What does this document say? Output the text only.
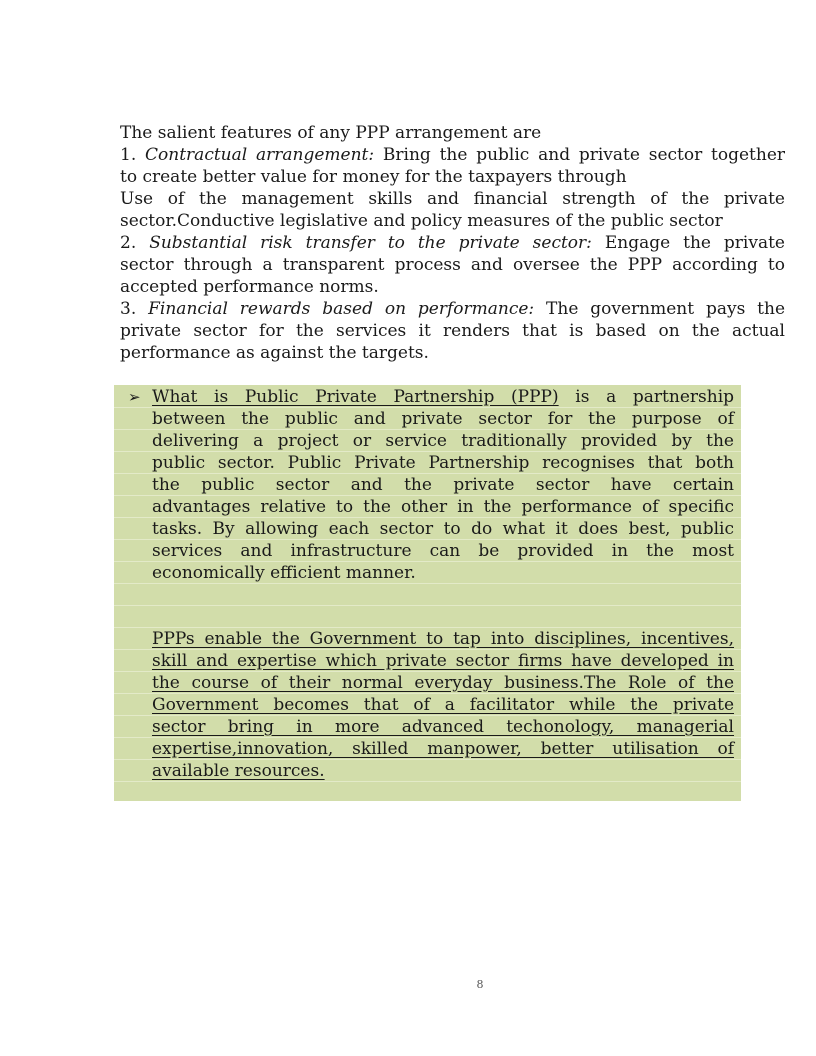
The salient features of any PPP arrangement are
1. Contractual arrangement: Bring the public and private sector together
to create better value for money for the taxpayers through
Use of the management skills and financial strength of the private
sector.Conductive legislative and policy measures of the public sector
2. Substantial risk transfer to the private sector: Engage the private
sector through a transparent process and oversee the PPP according to
accepted performance norms.
3. Financial rewards based on performance: The government pays the
private sector for the services it renders that is based on the actual
performance as against the targets.
➢ What is Public Private Partnership (PPP) is a partnership
between the public and private sector for the purpose of
delivering a project or service traditionally provided by the
public sector. Public Private Partnership recognises that both
the public sector and the private sector have certain
advantages relative to the other in the performance of specific
tasks. By allowing each sector to do what it does best, public
services and infrastructure can be provided in the most
economically efficient manner.
PPPs enable the Government to tap into disciplines, incentives,
skill and expertise which private sector firms have developed in
the course of their normal everyday business.The Role of the
Government becomes that of a facilitator while the private
sector bring in more advanced techonology, managerial
expertise,innovation, skilled manpower, better utilisation of
available resources.
8
